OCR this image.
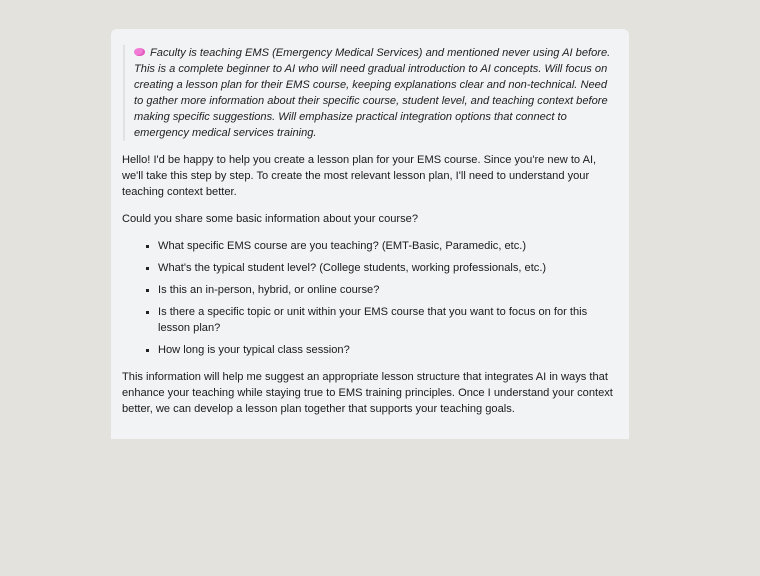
Faculty is teaching EMS (Emergency Medical Services) and mentioned never using AI before. This is a complete beginner to AI who will need gradual introduction to AI concepts. Will focus on creating a lesson plan for their EMS course, keeping explanations clear and non-technical. Need to gather more information about their specific course, student level, and teaching context before making specific suggestions. Will emphasize practical integration options that connect to emergency medical services training.

Hello! I'd be happy to help you create a lesson plan for your EMS course. Since you're new to AI, we'll take this step by step. To create the most relevant lesson plan, I'll need to understand your teaching context better.

Could you share some basic information about your course?

What specific EMS course are you teaching? (EMT-Basic, Paramedic, etc.)
What's the typical student level? (College students, working professionals, etc.)
Is this an in-person, hybrid, or online course?
Is there a specific topic or unit within your EMS course that you want to focus on for this lesson plan?
How long is your typical class session?

This information will help me suggest an appropriate lesson structure that integrates AI in ways that enhance your teaching while staying true to EMS training principles. Once I understand your context better, we can develop a lesson plan together that supports your teaching goals.
